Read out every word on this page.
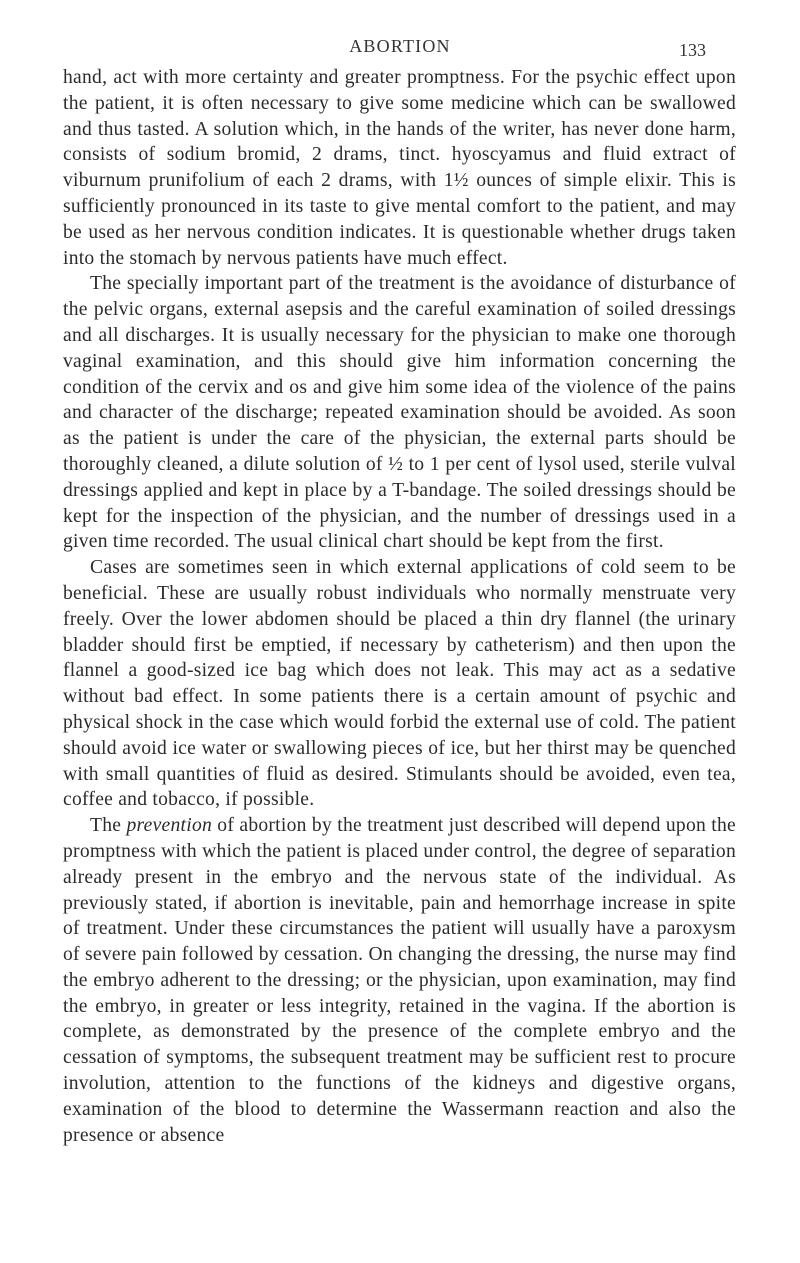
ABORTION	133

hand, act with more certainty and greater promptness. For the psychic effect upon the patient, it is often necessary to give some medicine which can be swallowed and thus tasted. A solution which, in the hands of the writer, has never done harm, consists of sodium bromid, 2 drams, tinct. hyoscyamus and fluid extract of viburnum prunifolium of each 2 drams, with 1½ ounces of simple elixir. This is sufficiently pronounced in its taste to give mental comfort to the patient, and may be used as her nervous condition indicates. It is questionable whether drugs taken into the stomach by nervous patients have much effect.

The specially important part of the treatment is the avoidance of disturbance of the pelvic organs, external asepsis and the careful examination of soiled dressings and all discharges. It is usually necessary for the physician to make one thorough vaginal examination, and this should give him information concerning the condition of the cervix and os and give him some idea of the violence of the pains and character of the discharge; repeated examination should be avoided. As soon as the patient is under the care of the physician, the external parts should be thoroughly cleaned, a dilute solution of ½ to 1 per cent of lysol used, sterile vulval dressings applied and kept in place by a T-bandage. The soiled dressings should be kept for the inspection of the physician, and the number of dressings used in a given time recorded. The usual clinical chart should be kept from the first.

Cases are sometimes seen in which external applications of cold seem to be beneficial. These are usually robust individuals who normally menstruate very freely. Over the lower abdomen should be placed a thin dry flannel (the urinary bladder should first be emptied, if necessary by catheterism) and then upon the flannel a good-sized ice bag which does not leak. This may act as a sedative without bad effect. In some patients there is a certain amount of psychic and physical shock in the case which would forbid the external use of cold. The patient should avoid ice water or swallowing pieces of ice, but her thirst may be quenched with small quantities of fluid as desired. Stimulants should be avoided, even tea, coffee and tobacco, if possible.

The prevention of abortion by the treatment just described will depend upon the promptness with which the patient is placed under control, the degree of separation already present in the embryo and the nervous state of the individual. As previously stated, if abortion is inevitable, pain and hemorrhage increase in spite of treatment. Under these circumstances the patient will usually have a paroxysm of severe pain followed by cessation. On changing the dressing, the nurse may find the embryo adherent to the dressing; or the physician, upon examination, may find the embryo, in greater or less integrity, retained in the vagina. If the abortion is complete, as demonstrated by the presence of the complete embryo and the cessation of symptoms, the subsequent treatment may be sufficient rest to procure involution, attention to the functions of the kidneys and digestive organs, examination of the blood to determine the Wassermann reaction and also the presence or absence
